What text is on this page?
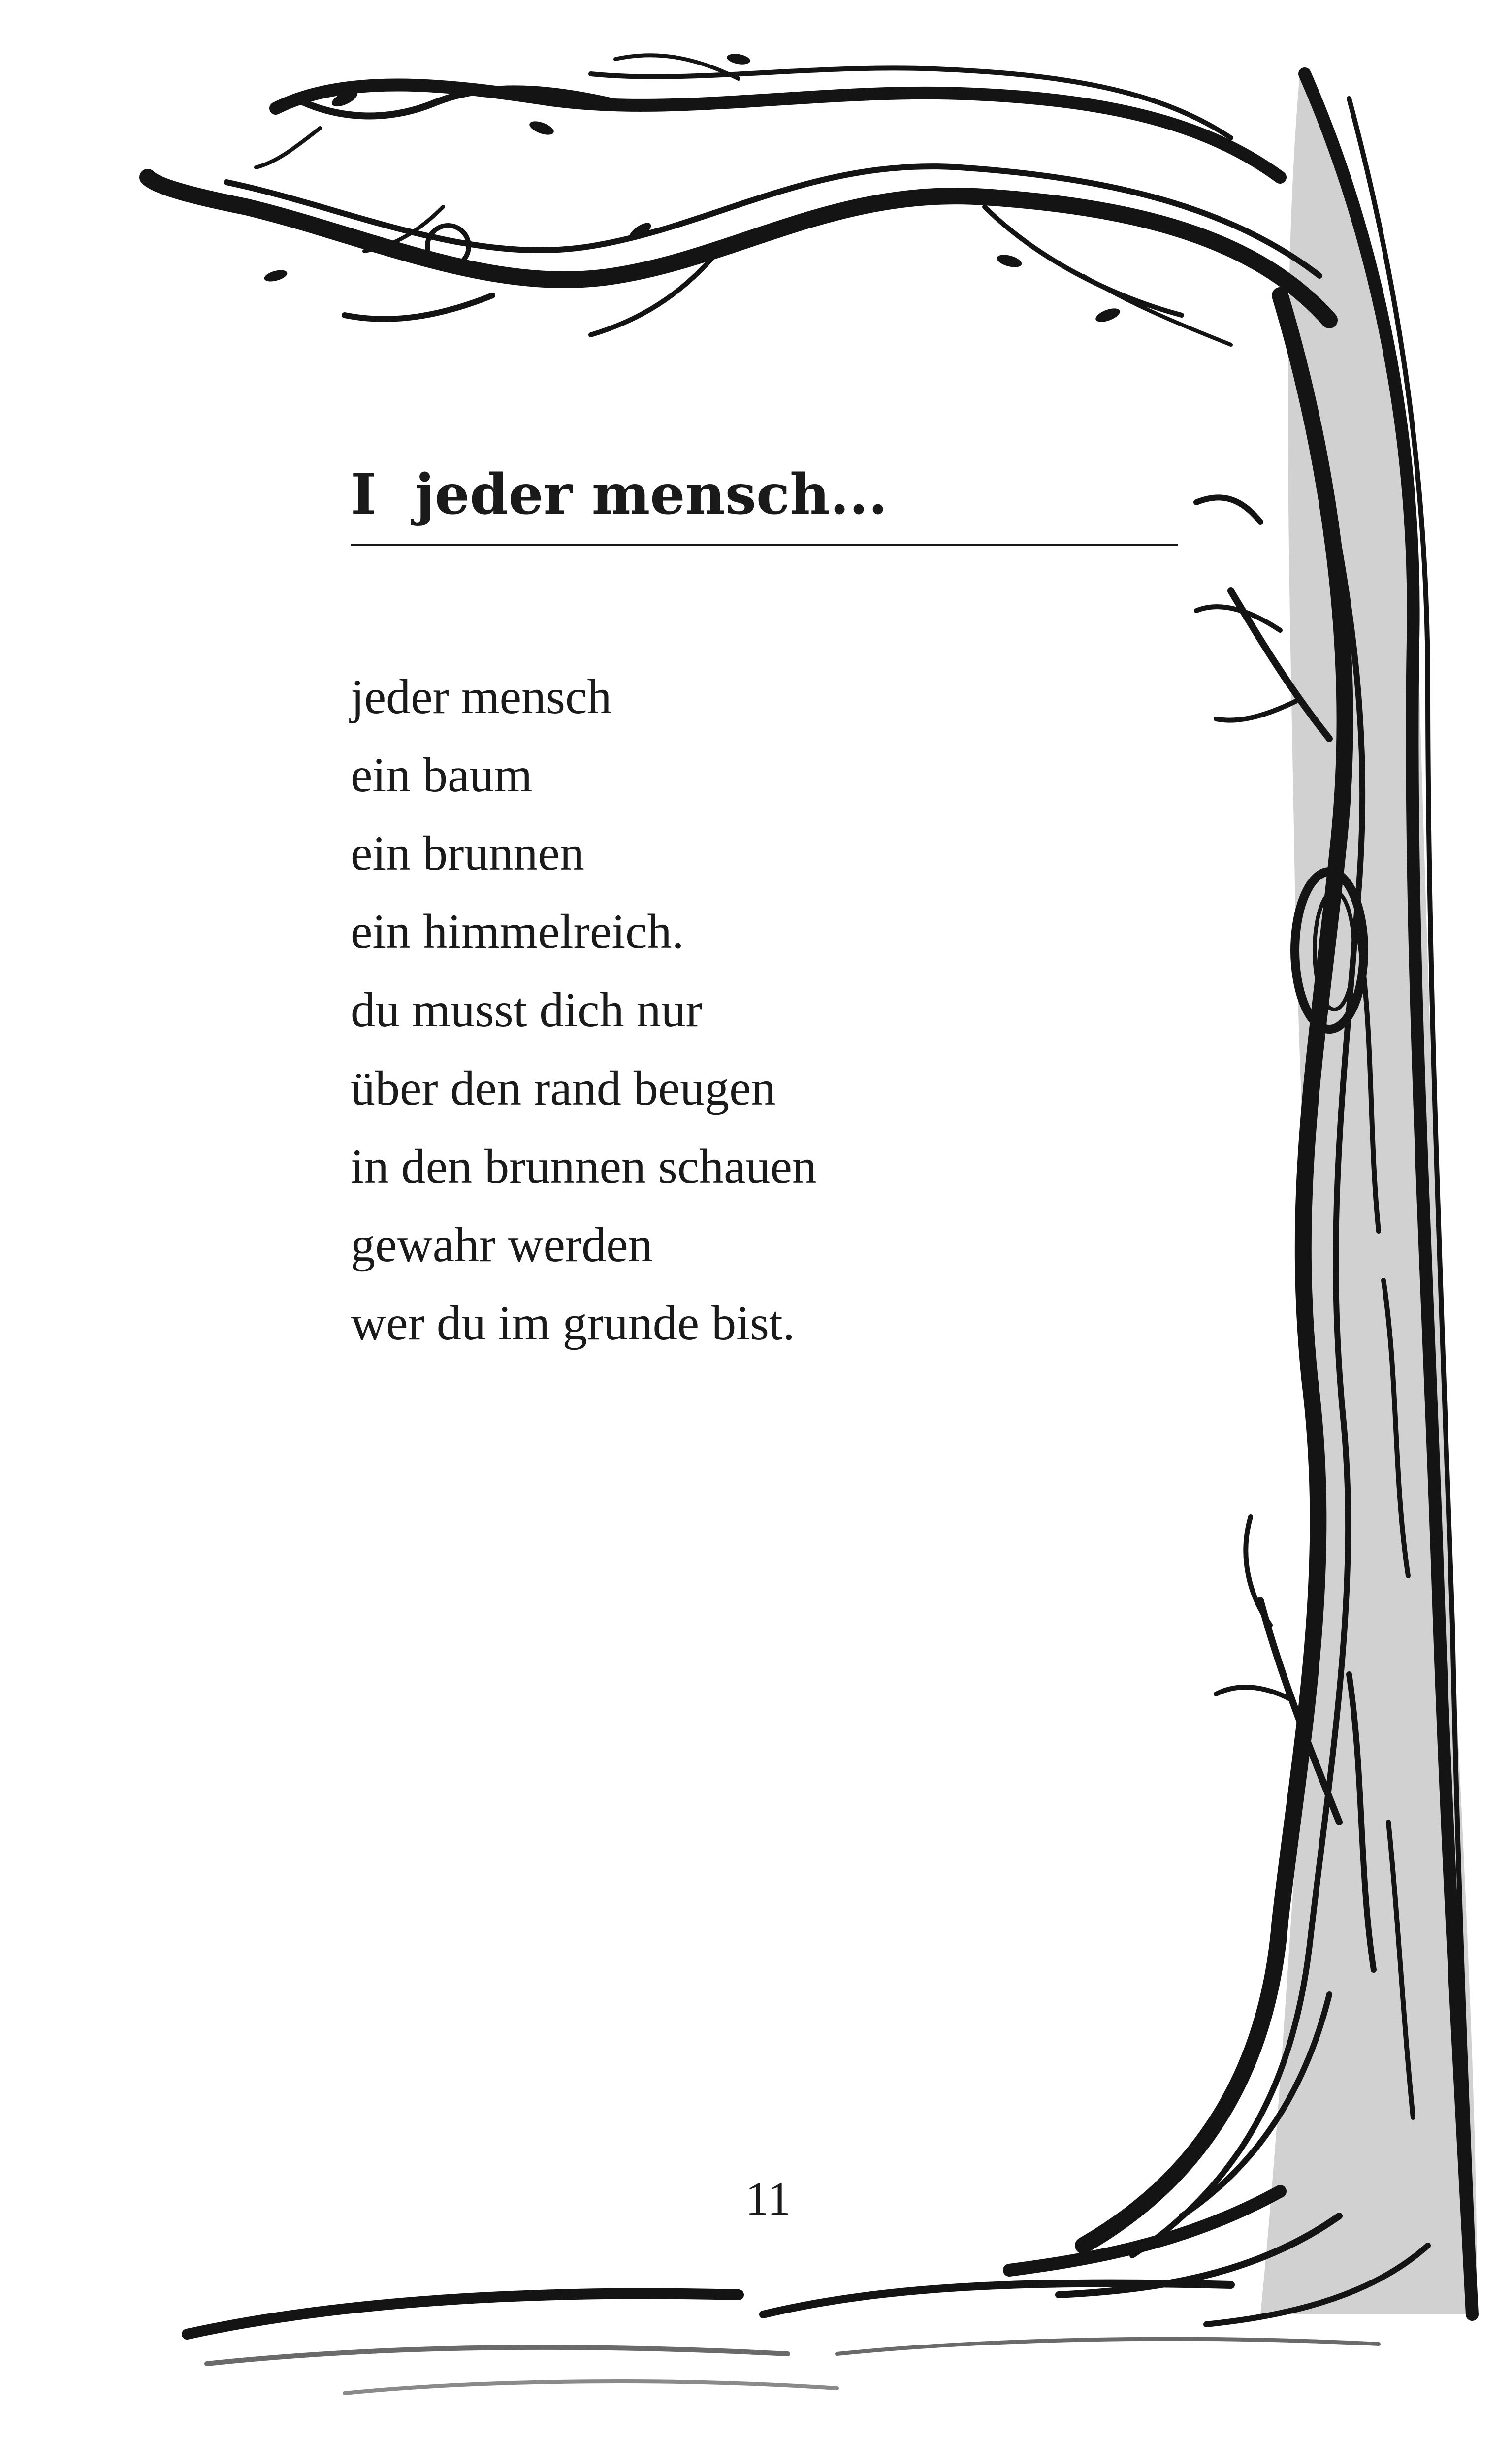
I jeder mensch...
jeder mensch
ein baum
ein brunnen
ein himmelreich.
du musst dich nur
über den rand beugen
in den brunnen schauen
gewahr werden
wer du im grunde bist.
11
